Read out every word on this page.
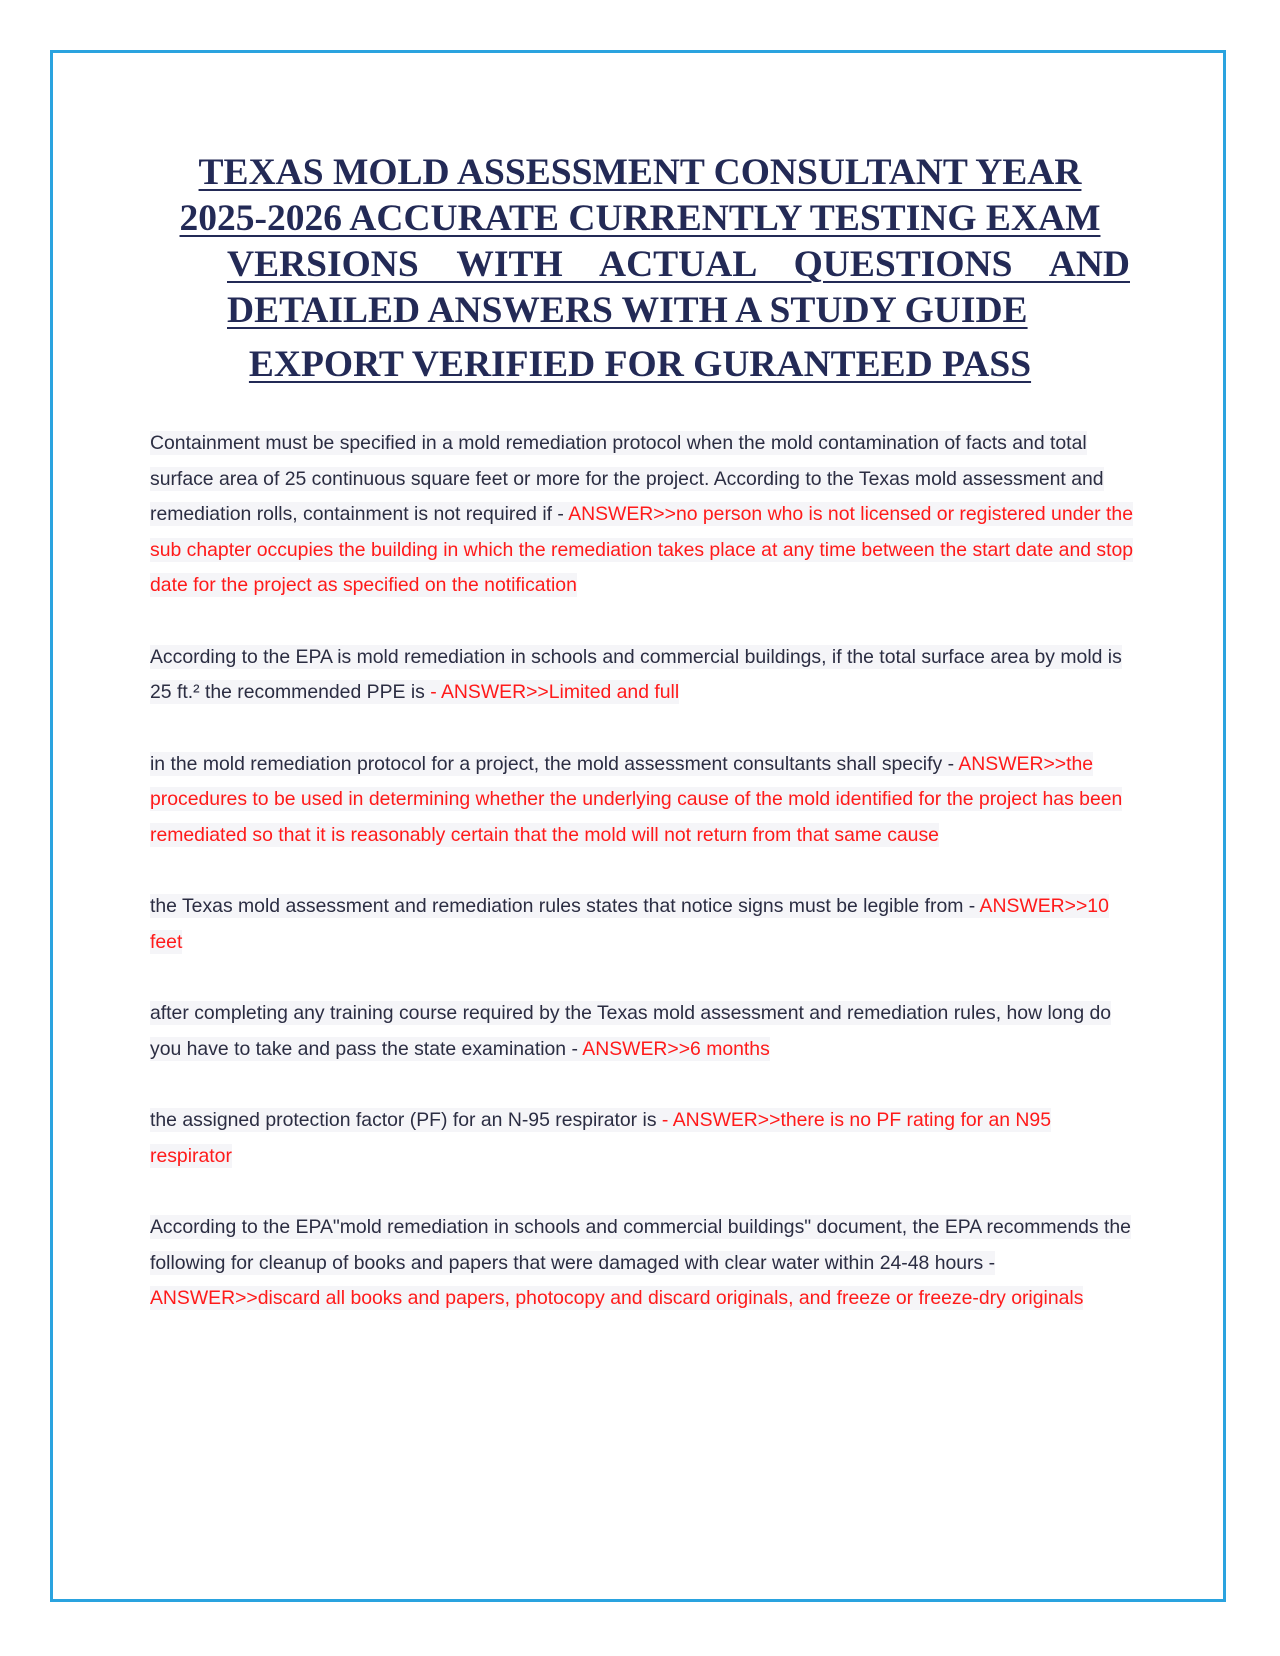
TEXAS MOLD ASSESSMENT CONSULTANT YEAR
2025-2026 ACCURATE CURRENTLY TESTING EXAM
VERSIONS WITH ACTUAL QUESTIONS AND
DETAILED ANSWERS WITH A STUDY GUIDE
EXPORT VERIFIED FOR GURANTEED PASS

Containment must be specified in a mold remediation protocol when the mold contamination of facts and total surface area of 25 continuous square feet or more for the project. According to the Texas mold assessment and remediation rolls, containment is not required if - ANSWER>>no person who is not licensed or registered under the sub chapter occupies the building in which the remediation takes place at any time between the start date and stop date for the project as specified on the notification

According to the EPA is mold remediation in schools and commercial buildings, if the total surface area by mold is 25 ft.² the recommended PPE is - ANSWER>>Limited and full

in the mold remediation protocol for a project, the mold assessment consultants shall specify - ANSWER>>the procedures to be used in determining whether the underlying cause of the mold identified for the project has been remediated so that it is reasonably certain that the mold will not return from that same cause

the Texas mold assessment and remediation rules states that notice signs must be legible from - ANSWER>>10 feet

after completing any training course required by the Texas mold assessment and remediation rules, how long do you have to take and pass the state examination - ANSWER>>6 months

the assigned protection factor (PF) for an N-95 respirator is - ANSWER>>there is no PF rating for an N95 respirator

According to the EPA"mold remediation in schools and commercial buildings" document, the EPA recommends the following for cleanup of books and papers that were damaged with clear water within 24-48 hours - ANSWER>>discard all books and papers, photocopy and discard originals, and freeze or freeze-dry originals
